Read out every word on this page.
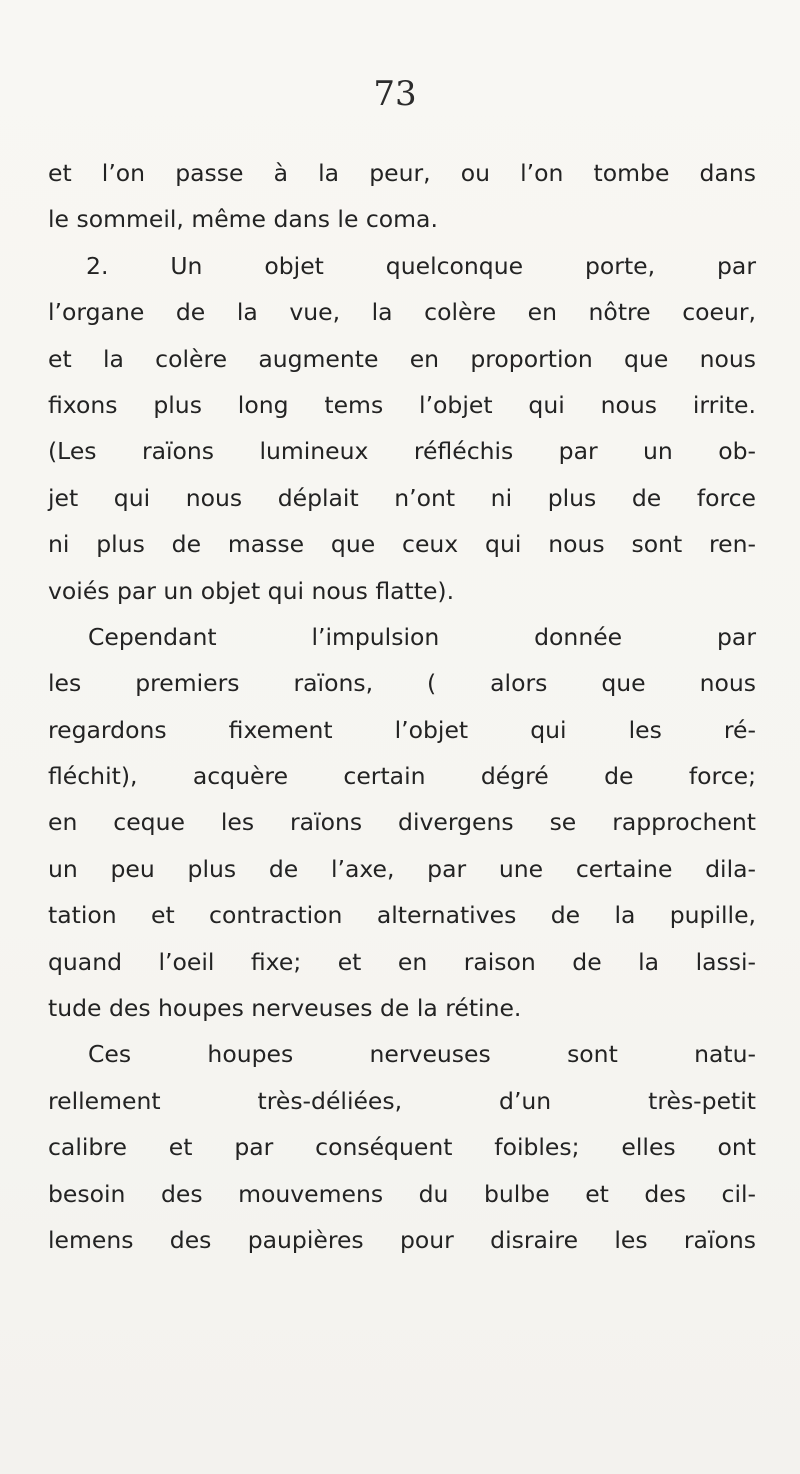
73
et l’on passe à la peur, ou l’on tombe dans
le sommeil, même dans le coma.
2. Un objet quelconque porte, par
l’organe de la vue, la colère en nôtre coeur,
et la colère augmente en proportion que nous
fixons plus long tems l’objet qui nous irrite.
(Les raïons lumineux réfléchis par un ob-
jet qui nous déplait n’ont ni plus de force
ni plus de masse que ceux qui nous sont ren-
voiés par un objet qui nous flatte).
Cependant l’impulsion donnée par
les premiers raïons, ( alors que nous
regardons fixement l’objet qui les ré-
fléchit), acquère certain dégré de force;
en ceque les raïons divergens se rapprochent
un peu plus de l’axe, par une certaine dila-
tation et contraction alternatives de la pupille,
quand l’oeil fixe; et en raison de la lassi-
tude des houpes nerveuses de la rétine.
Ces houpes nerveuses sont natu-
rellement très-déliées, d’un très-petit
calibre et par conséquent foibles; elles ont
besoin des mouvemens du bulbe et des cil-
lemens des paupières pour disraire les raïons
